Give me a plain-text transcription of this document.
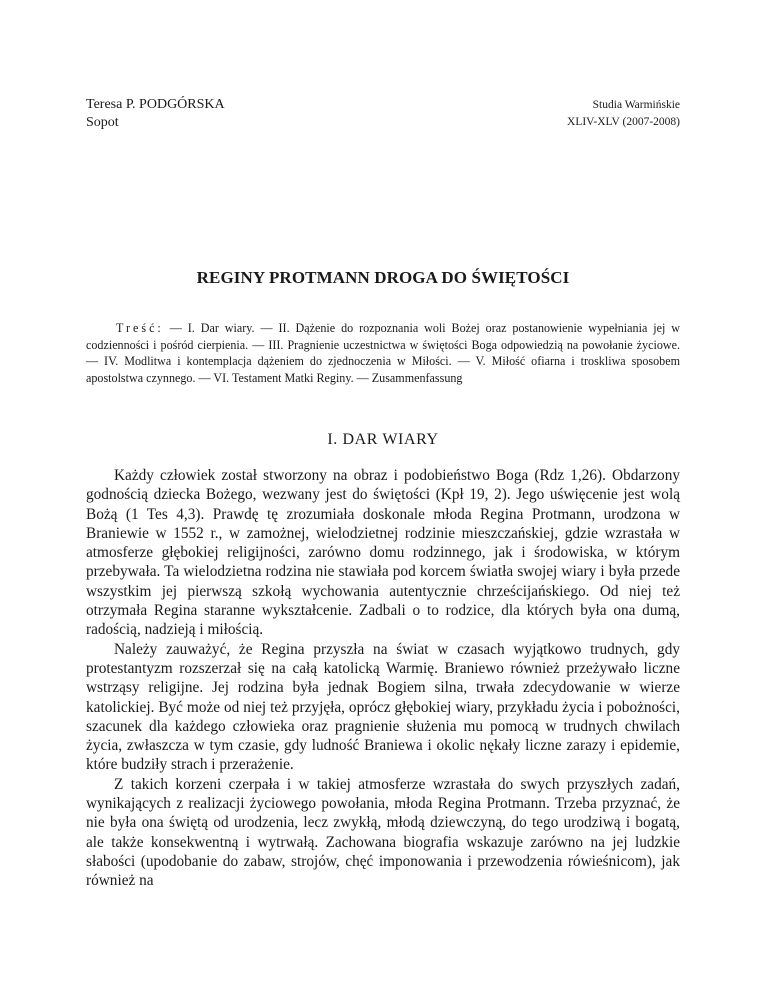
Teresa P. PODGÓRSKA
Sopot
Studia Warmińskie
XLIV-XLV (2007-2008)
REGINY PROTMANN DROGA DO ŚWIĘTOŚCI

Treść: — I. Dar wiary. — II. Dążenie do rozpoznania woli Bożej oraz postanowienie wypełniania jej w codzienności i pośród cierpienia. — III. Pragnienie uczestnictwa w świętości Boga odpowiedzią na powołanie życiowe. — IV. Modlitwa i kontemplacja dążeniem do zjednoczenia w Miłości. — V. Miłość ofiarna i troskliwa sposobem apostolstwa czynnego. — VI. Testament Matki Reginy. — Zusammenfassung

I. DAR WIARY

Każdy człowiek został stworzony na obraz i podobieństwo Boga (Rdz 1,26). Obdarzony godnością dziecka Bożego, wezwany jest do świętości (Kpł 19, 2). Jego uświęcenie jest wolą Bożą (1 Tes 4,3). Prawdę tę zrozumiała doskonale młoda Regina Protmann, urodzona w Braniewie w 1552 r., w zamożnej, wielodzietnej rodzinie mieszczańskiej, gdzie wzrastała w atmosferze głębokiej religijności, zarówno domu rodzinnego, jak i środowiska, w którym przebywała. Ta wielodzietna rodzina nie stawiała pod korcem światła swojej wiary i była przede wszystkim jej pierwszą szkołą wychowania autentycznie chrześcijańskiego. Od niej też otrzymała Regina staranne wykształcenie. Zadbali o to rodzice, dla których była ona dumą, radością, nadzieją i miłością.

Należy zauważyć, że Regina przyszła na świat w czasach wyjątkowo trudnych, gdy protestantyzm rozszerzał się na całą katolicką Warmię. Braniewo również przeżywało liczne wstrząsy religijne. Jej rodzina była jednak Bogiem silna, trwała zdecydowanie w wierze katolickiej. Być może od niej też przyjęła, oprócz głębokiej wiary, przykładu życia i pobożności, szacunek dla każdego człowieka oraz pragnienie służenia mu pomocą w trudnych chwilach życia, zwłaszcza w tym czasie, gdy ludność Braniewa i okolic nękały liczne zarazy i epidemie, które budziły strach i przerażenie.

Z takich korzeni czerpała i w takiej atmosferze wzrastała do swych przyszłych zadań, wynikających z realizacji życiowego powołania, młoda Regina Protmann. Trzeba przyznać, że nie była ona świętą od urodzenia, lecz zwykłą, młodą dziewczyną, do tego urodziwą i bogatą, ale także konsekwentną i wytrwałą. Zachowana biografia wskazuje zarówno na jej ludzkie słabości (upodobanie do zabaw, strojów, chęć imponowania i przewodzenia rówieśnicom), jak również na
